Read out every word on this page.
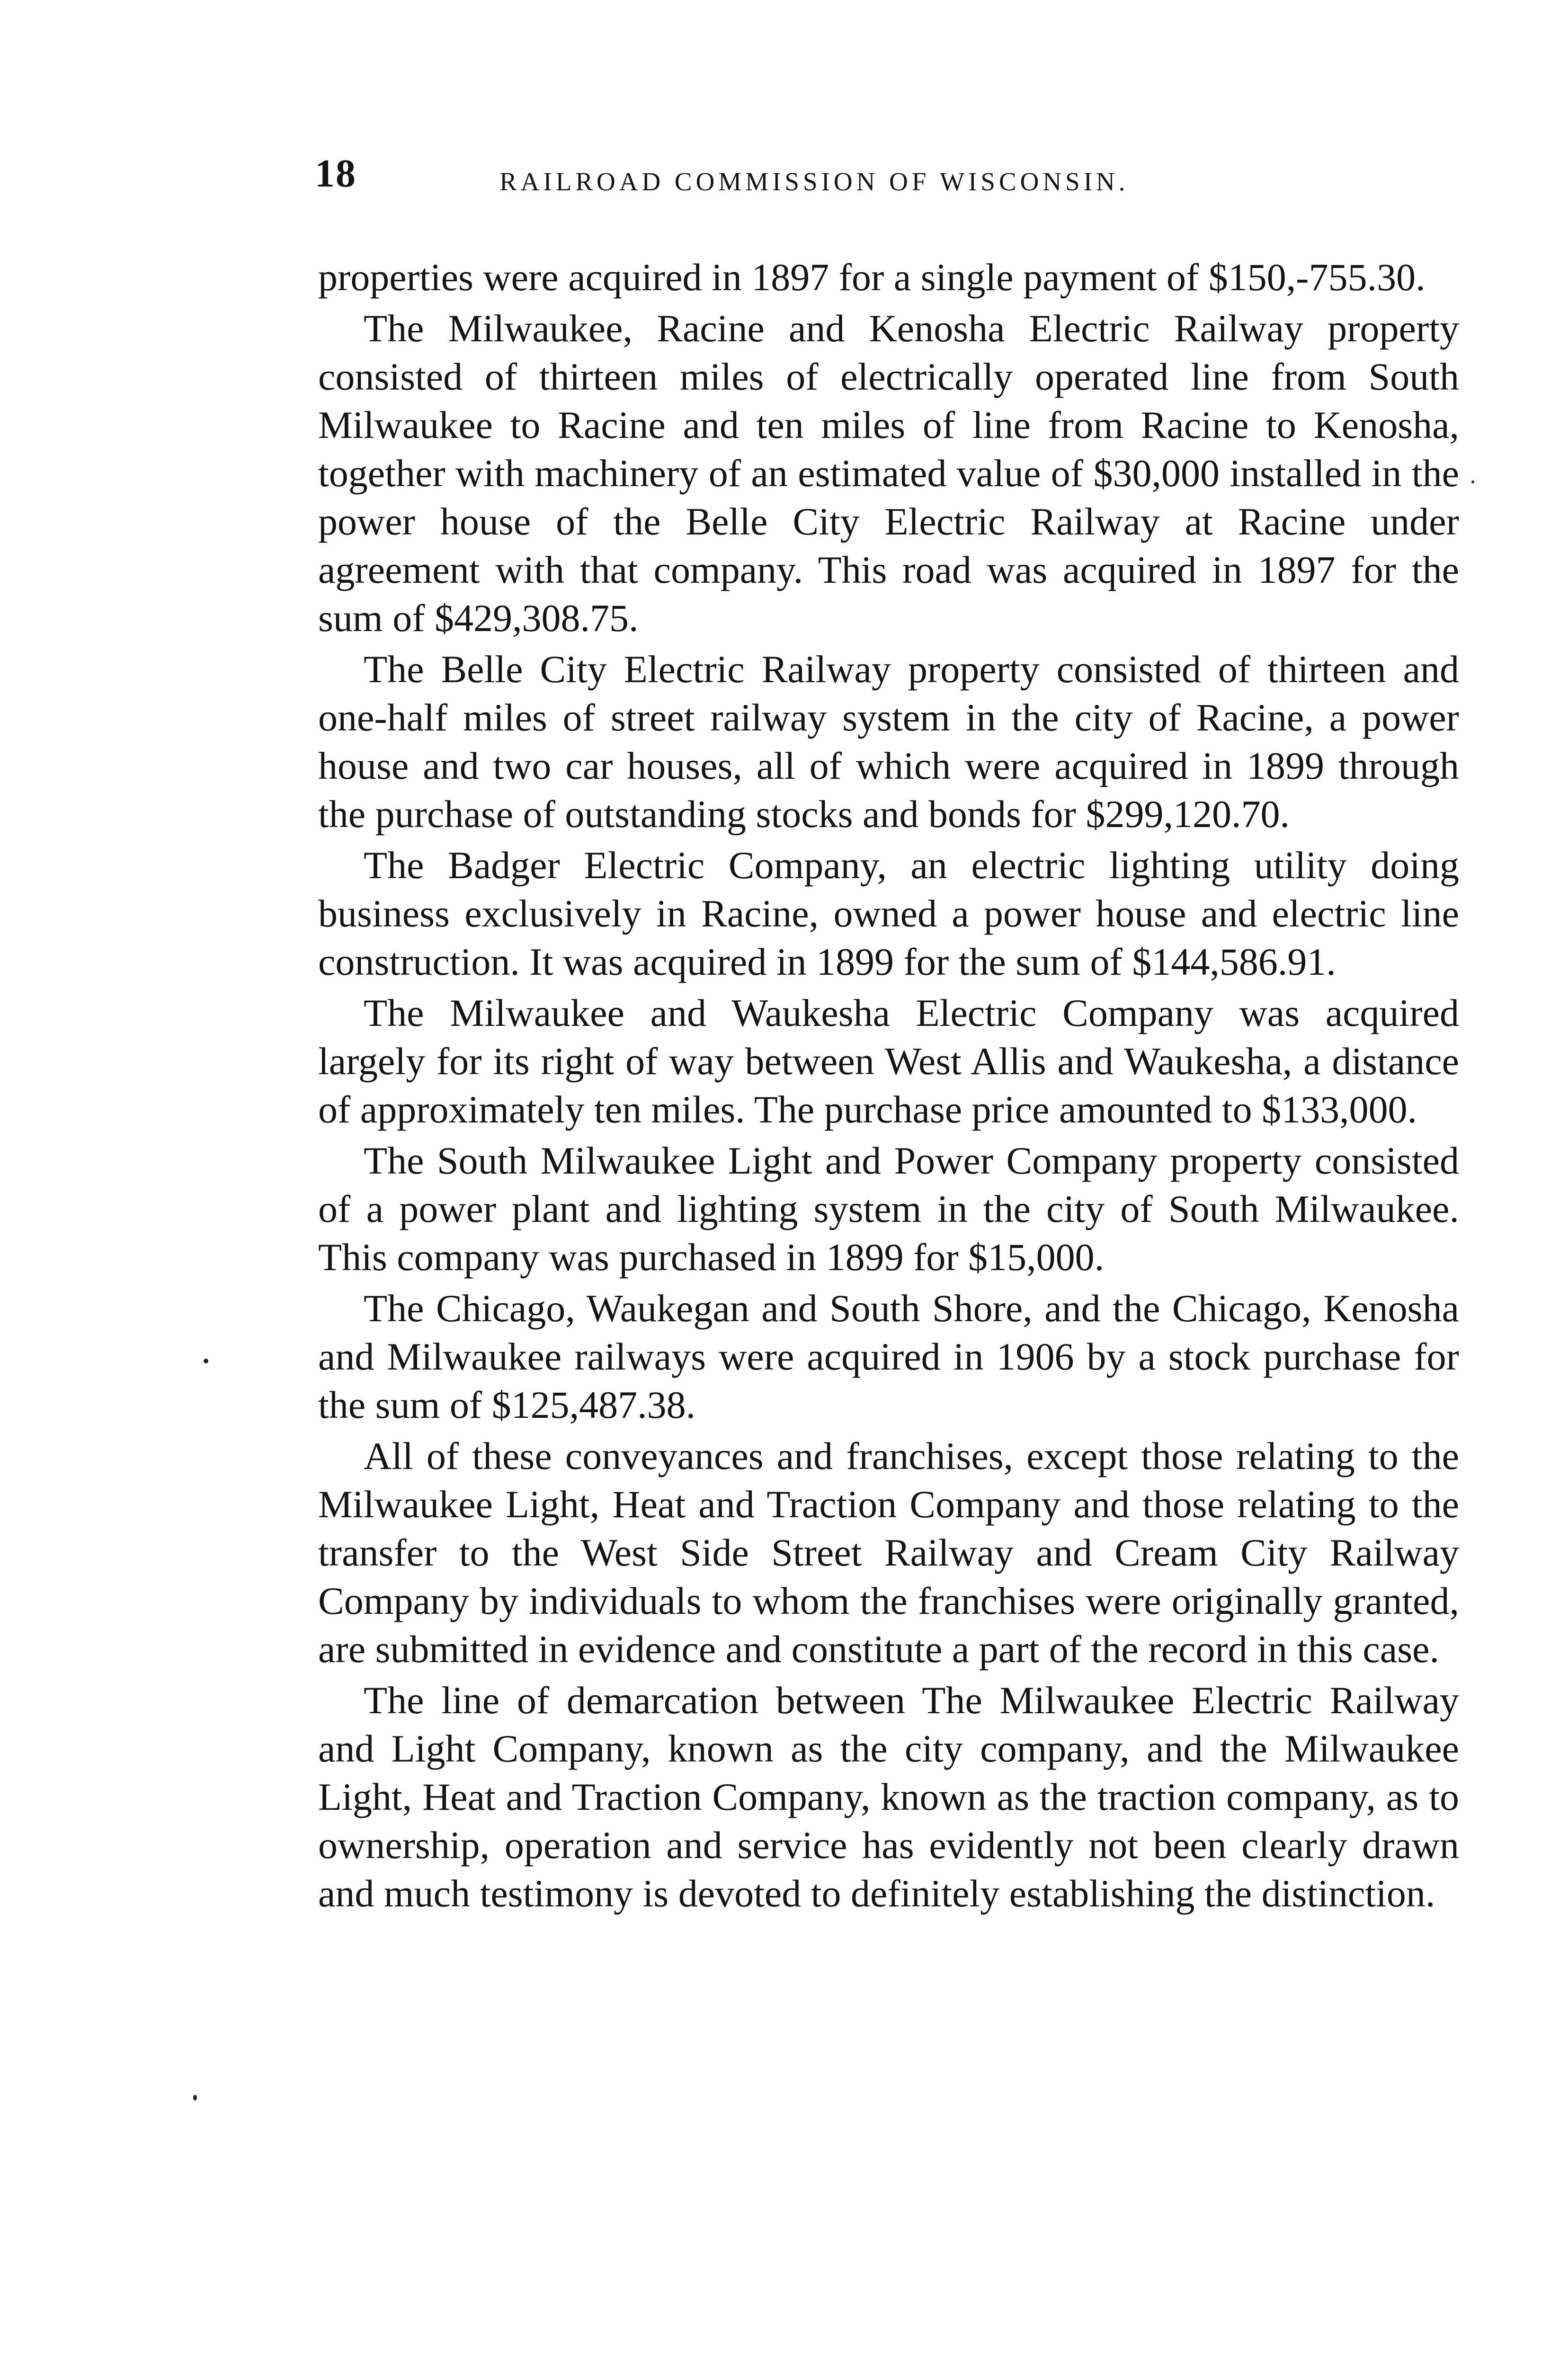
18	RAILROAD COMMISSION OF WISCONSIN.

properties were acquired in 1897 for a single payment of $150,-755.30.

The Milwaukee, Racine and Kenosha Electric Railway property consisted of thirteen miles of electrically operated line from South Milwaukee to Racine and ten miles of line from Racine to Kenosha, together with machinery of an estimated value of $30,000 installed in the power house of the Belle City Electric Railway at Racine under agreement with that company. This road was acquired in 1897 for the sum of $429,308.75.

The Belle City Electric Railway property consisted of thirteen and one-half miles of street railway system in the city of Racine, a power house and two car houses, all of which were acquired in 1899 through the purchase of outstanding stocks and bonds for $299,120.70.

The Badger Electric Company, an electric lighting utility doing business exclusively in Racine, owned a power house and electric line construction. It was acquired in 1899 for the sum of $144,586.91.

The Milwaukee and Waukesha Electric Company was acquired largely for its right of way between West Allis and Waukesha, a distance of approximately ten miles. The purchase price amounted to $133,000.

The South Milwaukee Light and Power Company property consisted of a power plant and lighting system in the city of South Milwaukee. This company was purchased in 1899 for $15,000.

The Chicago, Waukegan and South Shore, and the Chicago, Kenosha and Milwaukee railways were acquired in 1906 by a stock purchase for the sum of $125,487.38.

All of these conveyances and franchises, except those relating to the Milwaukee Light, Heat and Traction Company and those relating to the transfer to the West Side Street Railway and Cream City Railway Company by individuals to whom the franchises were originally granted, are submitted in evidence and constitute a part of the record in this case.

The line of demarcation between The Milwaukee Electric Railway and Light Company, known as the city company, and the Milwaukee Light, Heat and Traction Company, known as the traction company, as to ownership, operation and service has evidently not been clearly drawn and much testimony is devoted to definitely establishing the distinction.
